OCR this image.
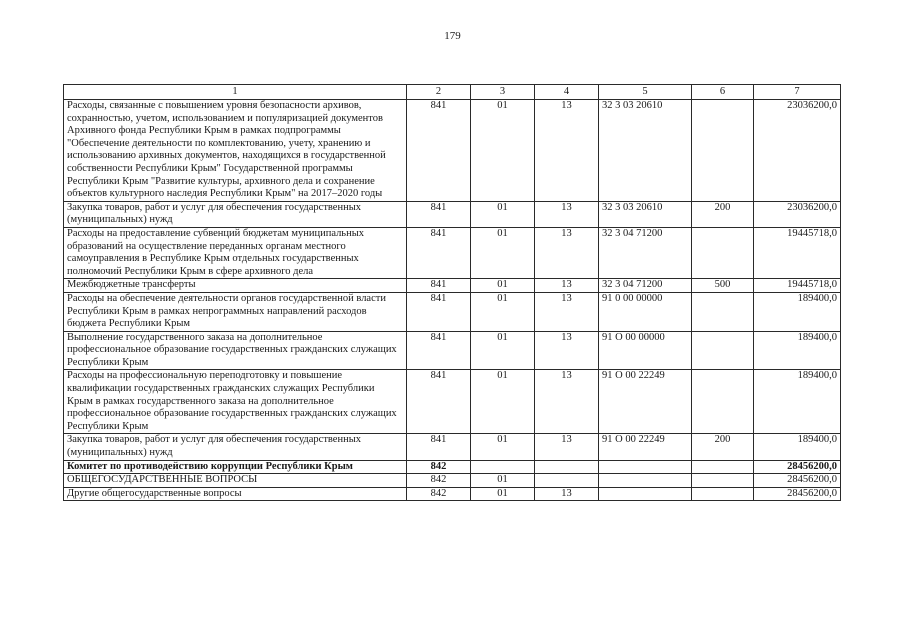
179
1	2	3	4	5	6	7
Расходы, связанные с повышением уровня безопасности архивов, сохранностью, учетом, использованием и популяризацией документов Архивного фонда Республики Крым в рамках подпрограммы "Обеспечение деятельности по комплектованию, учету, хранению и использованию архивных документов, находящихся в государственной собственности Республики Крым" Государственной программы Республики Крым "Развитие культуры, архивного дела и сохранение объектов культурного наследия Республики Крым" на 2017–2020 годы	841	01	13	32 3 03 20610		23036200,0
Закупка товаров, работ и услуг для обеспечения государственных (муниципальных) нужд	841	01	13	32 3 03 20610	200	23036200,0
Расходы на предоставление субвенций бюджетам муниципальных образований на осуществление переданных органам местного самоуправления в Республике Крым отдельных государственных полномочий Республики Крым в сфере архивного дела	841	01	13	32 3 04 71200		19445718,0
Межбюджетные трансферты	841	01	13	32 3 04 71200	500	19445718,0
Расходы на обеспечение деятельности органов государственной власти Республики Крым в рамках непрограммных направлений расходов бюджета Республики Крым	841	01	13	91 0 00 00000		189400,0
Выполнение государственного заказа на дополнительное профессиональное образование государственных гражданских служащих Республики Крым	841	01	13	91 О 00 00000		189400,0
Расходы на профессиональную переподготовку и повышение квалификации государственных гражданских служащих Республики Крым в рамках государственного заказа на дополнительное профессиональное образование государственных гражданских служащих Республики Крым	841	01	13	91 О 00 22249		189400,0
Закупка товаров, работ и услуг для обеспечения государственных (муниципальных) нужд	841	01	13	91 О 00 22249	200	189400,0
Комитет по противодействию коррупции Республики Крым	842					28456200,0
ОБЩЕГОСУДАРСТВЕННЫЕ ВОПРОСЫ	842	01				28456200,0
Другие общегосударственные вопросы	842	01	13			28456200,0
